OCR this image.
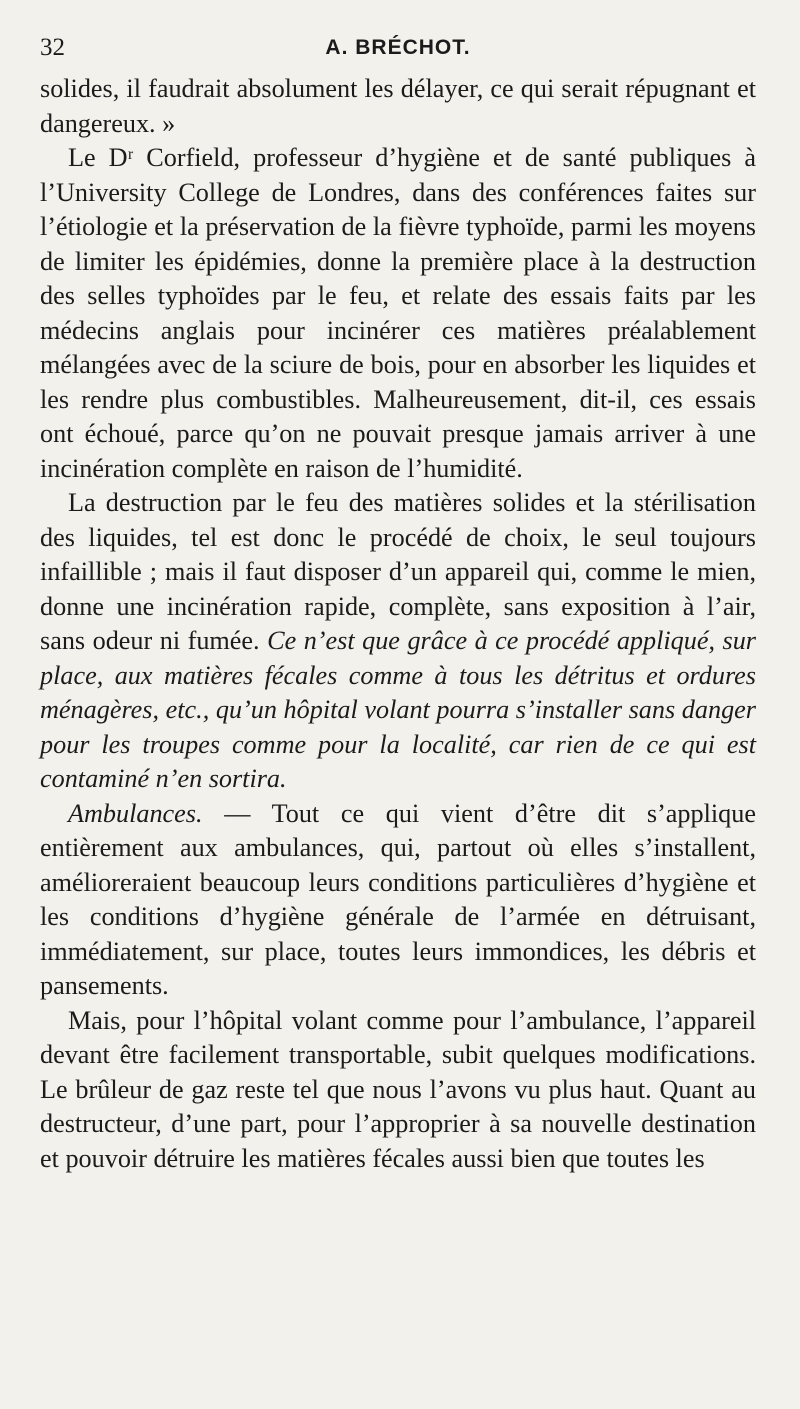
32	A. BRÉCHOT.

solides, il faudrait absolument les délayer, ce qui serait répugnant et dangereux. »

Le Dʳ Corfield, professeur d’hygiène et de santé publiques à l’University College de Londres, dans des conférences faites sur l’étiologie et la préservation de la fièvre typhoïde, parmi les moyens de limiter les épidémies, donne la première place à la destruction des selles typhoïdes par le feu, et relate des essais faits par les médecins anglais pour incinérer ces matières préalablement mélangées avec de la sciure de bois, pour en absorber les liquides et les rendre plus combustibles. Malheureusement, dit-il, ces essais ont échoué, parce qu’on ne pouvait presque jamais arriver à une incinération complète en raison de l’humidité.

La destruction par le feu des matières solides et la stérilisation des liquides, tel est donc le procédé de choix, le seul toujours infaillible ; mais il faut disposer d’un appareil qui, comme le mien, donne une incinération rapide, complète, sans exposition à l’air, sans odeur ni fumée. Ce n’est que grâce à ce procédé appliqué, sur place, aux matières fécales comme à tous les détritus et ordures ménagères, etc., qu’un hôpital volant pourra s’installer sans danger pour les troupes comme pour la localité, car rien de ce qui est contaminé n’en sortira.

Ambulances. — Tout ce qui vient d’être dit s’applique entièrement aux ambulances, qui, partout où elles s’installent, amélioreraient beaucoup leurs conditions particulières d’hygiène et les conditions d’hygiène générale de l’armée en détruisant, immédiatement, sur place, toutes leurs immondices, les débris et pansements.

Mais, pour l’hôpital volant comme pour l’ambulance, l’appareil devant être facilement transportable, subit quelques modifications. Le brûleur de gaz reste tel que nous l’avons vu plus haut. Quant au destructeur, d’une part, pour l’approprier à sa nouvelle destination et pouvoir détruire les matières fécales aussi bien que toutes les
